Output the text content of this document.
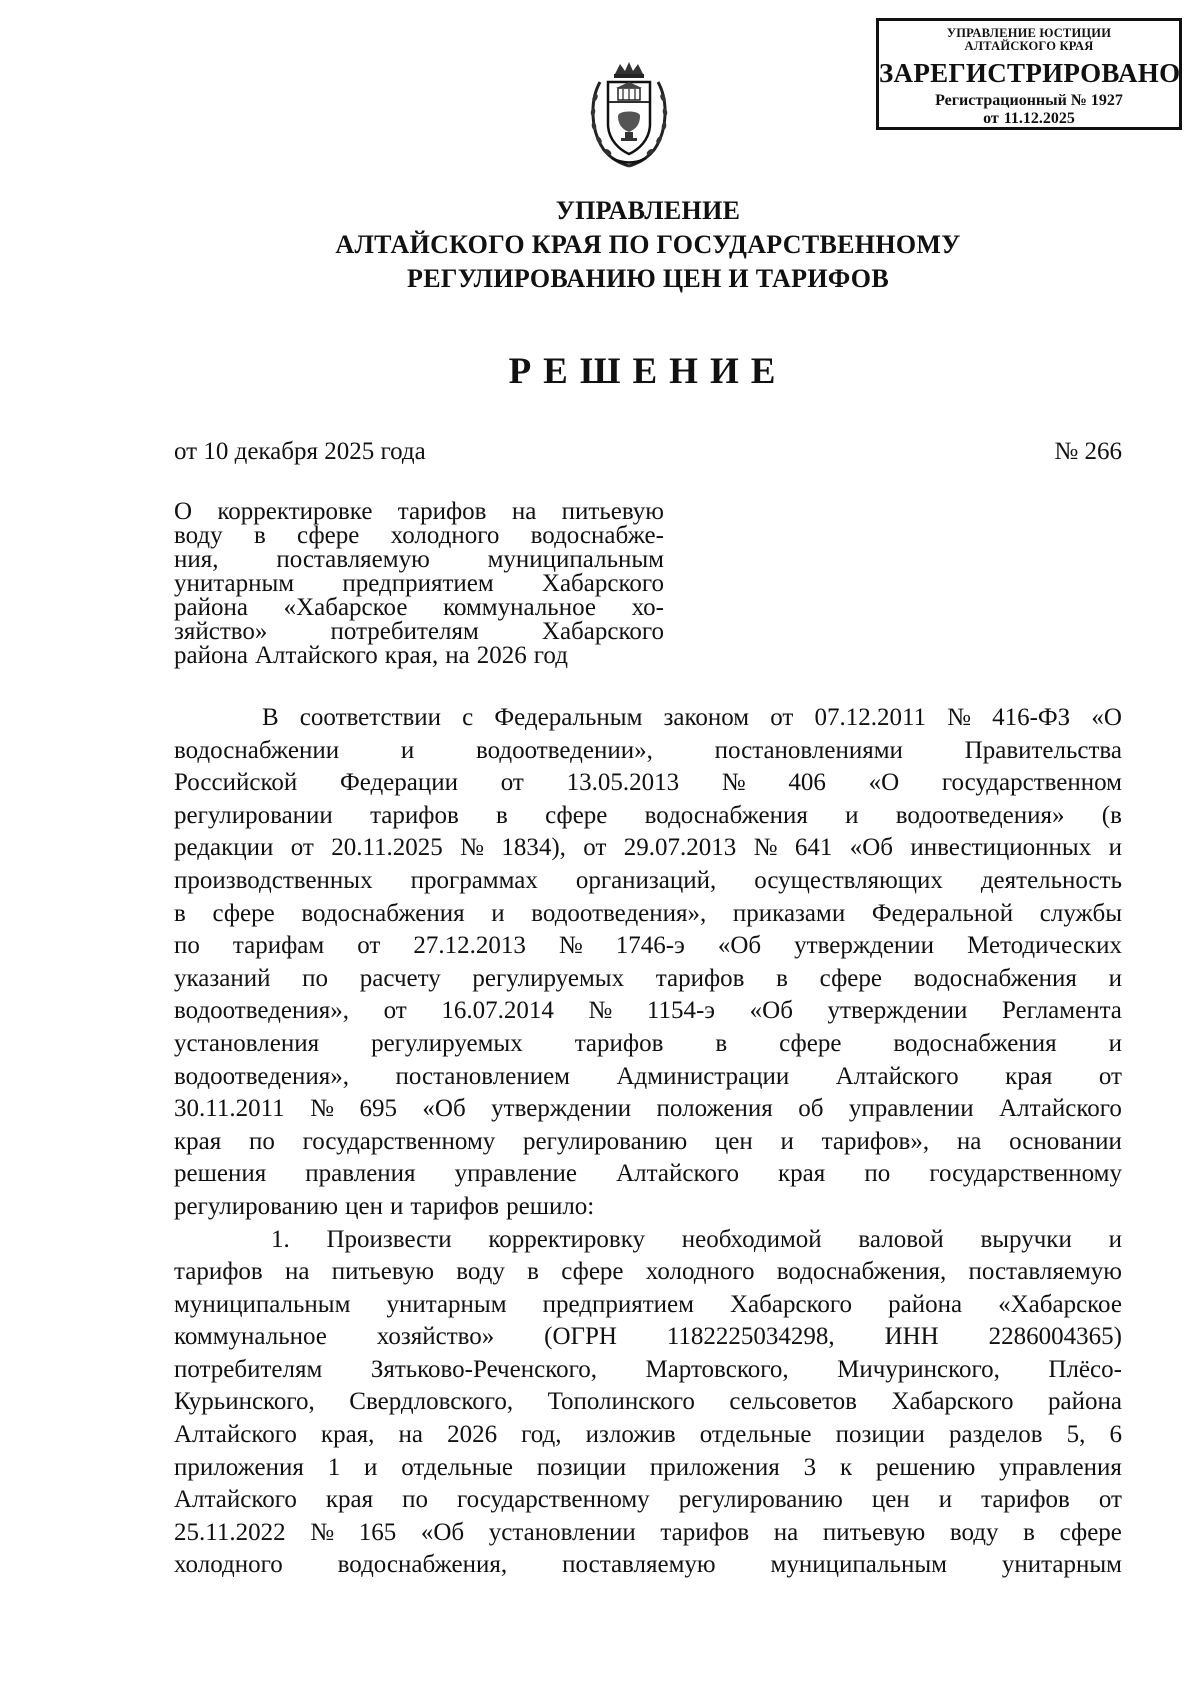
УПРАВЛЕНИЕ ЮСТИЦИИ
АЛТАЙСКОГО КРАЯ
ЗАРЕГИСТРИРОВАНО
Регистрационный № 1927
от 11.12.2025
УПРАВЛЕНИЕ
АЛТАЙСКОГО КРАЯ ПО ГОСУДАРСТВЕННОМУ
РЕГУЛИРОВАНИЮ ЦЕН И ТАРИФОВ
РЕШЕНИЕ
от 10 декабря 2025 года	№ 266
О корректировке тарифов на питьевую
воду в сфере холодного водоснабже-
ния, поставляемую муниципальным
унитарным предприятием Хабарского
района «Хабарское коммунальное хо-
зяйство»	потребителям	Хабарского
района Алтайского края, на 2026 год
В соответствии с Федеральным законом от 07.12.2011 № 416-ФЗ «О
водоснабжении и водоотведении», постановлениями Правительства
Российской Федерации от 13.05.2013 № 406 «О государственном
регулировании тарифов в сфере водоснабжения и водоотведения» (в
редакции от 20.11.2025 № 1834), от 29.07.2013 № 641 «Об инвестиционных и
производственных программах организаций, осуществляющих деятельность
в сфере водоснабжения и водоотведения», приказами Федеральной службы
по тарифам от 27.12.2013 № 1746-э «Об утверждении Методических
указаний по расчету регулируемых тарифов в сфере водоснабжения и
водоотведения», от 16.07.2014 № 1154-э «Об утверждении Регламента
установления регулируемых тарифов в сфере водоснабжения и
водоотведения», постановлением Администрации Алтайского края от
30.11.2011 № 695 «Об утверждении положения об управлении Алтайского
края по государственному регулированию цен и тарифов», на основании
решения правления управление Алтайского края по государственному
регулированию цен и тарифов решило:
1. Произвести корректировку необходимой валовой выручки и
тарифов на питьевую воду в сфере холодного водоснабжения, поставляемую
муниципальным унитарным предприятием Хабарского района «Хабарское
коммунальное хозяйство» (ОГРН 1182225034298, ИНН 2286004365)
потребителям Зятьково-Реченского, Мартовского, Мичуринского, Плёсо-
Курьинского, Свердловского, Тополинского сельсоветов Хабарского района
Алтайского края, на 2026 год, изложив отдельные позиции разделов 5, 6
приложения 1 и отдельные позиции приложения 3 к решению управления
Алтайского края по государственному регулированию цен и тарифов от
25.11.2022 № 165 «Об установлении тарифов на питьевую воду в сфере
холодного водоснабжения, поставляемую муниципальным унитарным
